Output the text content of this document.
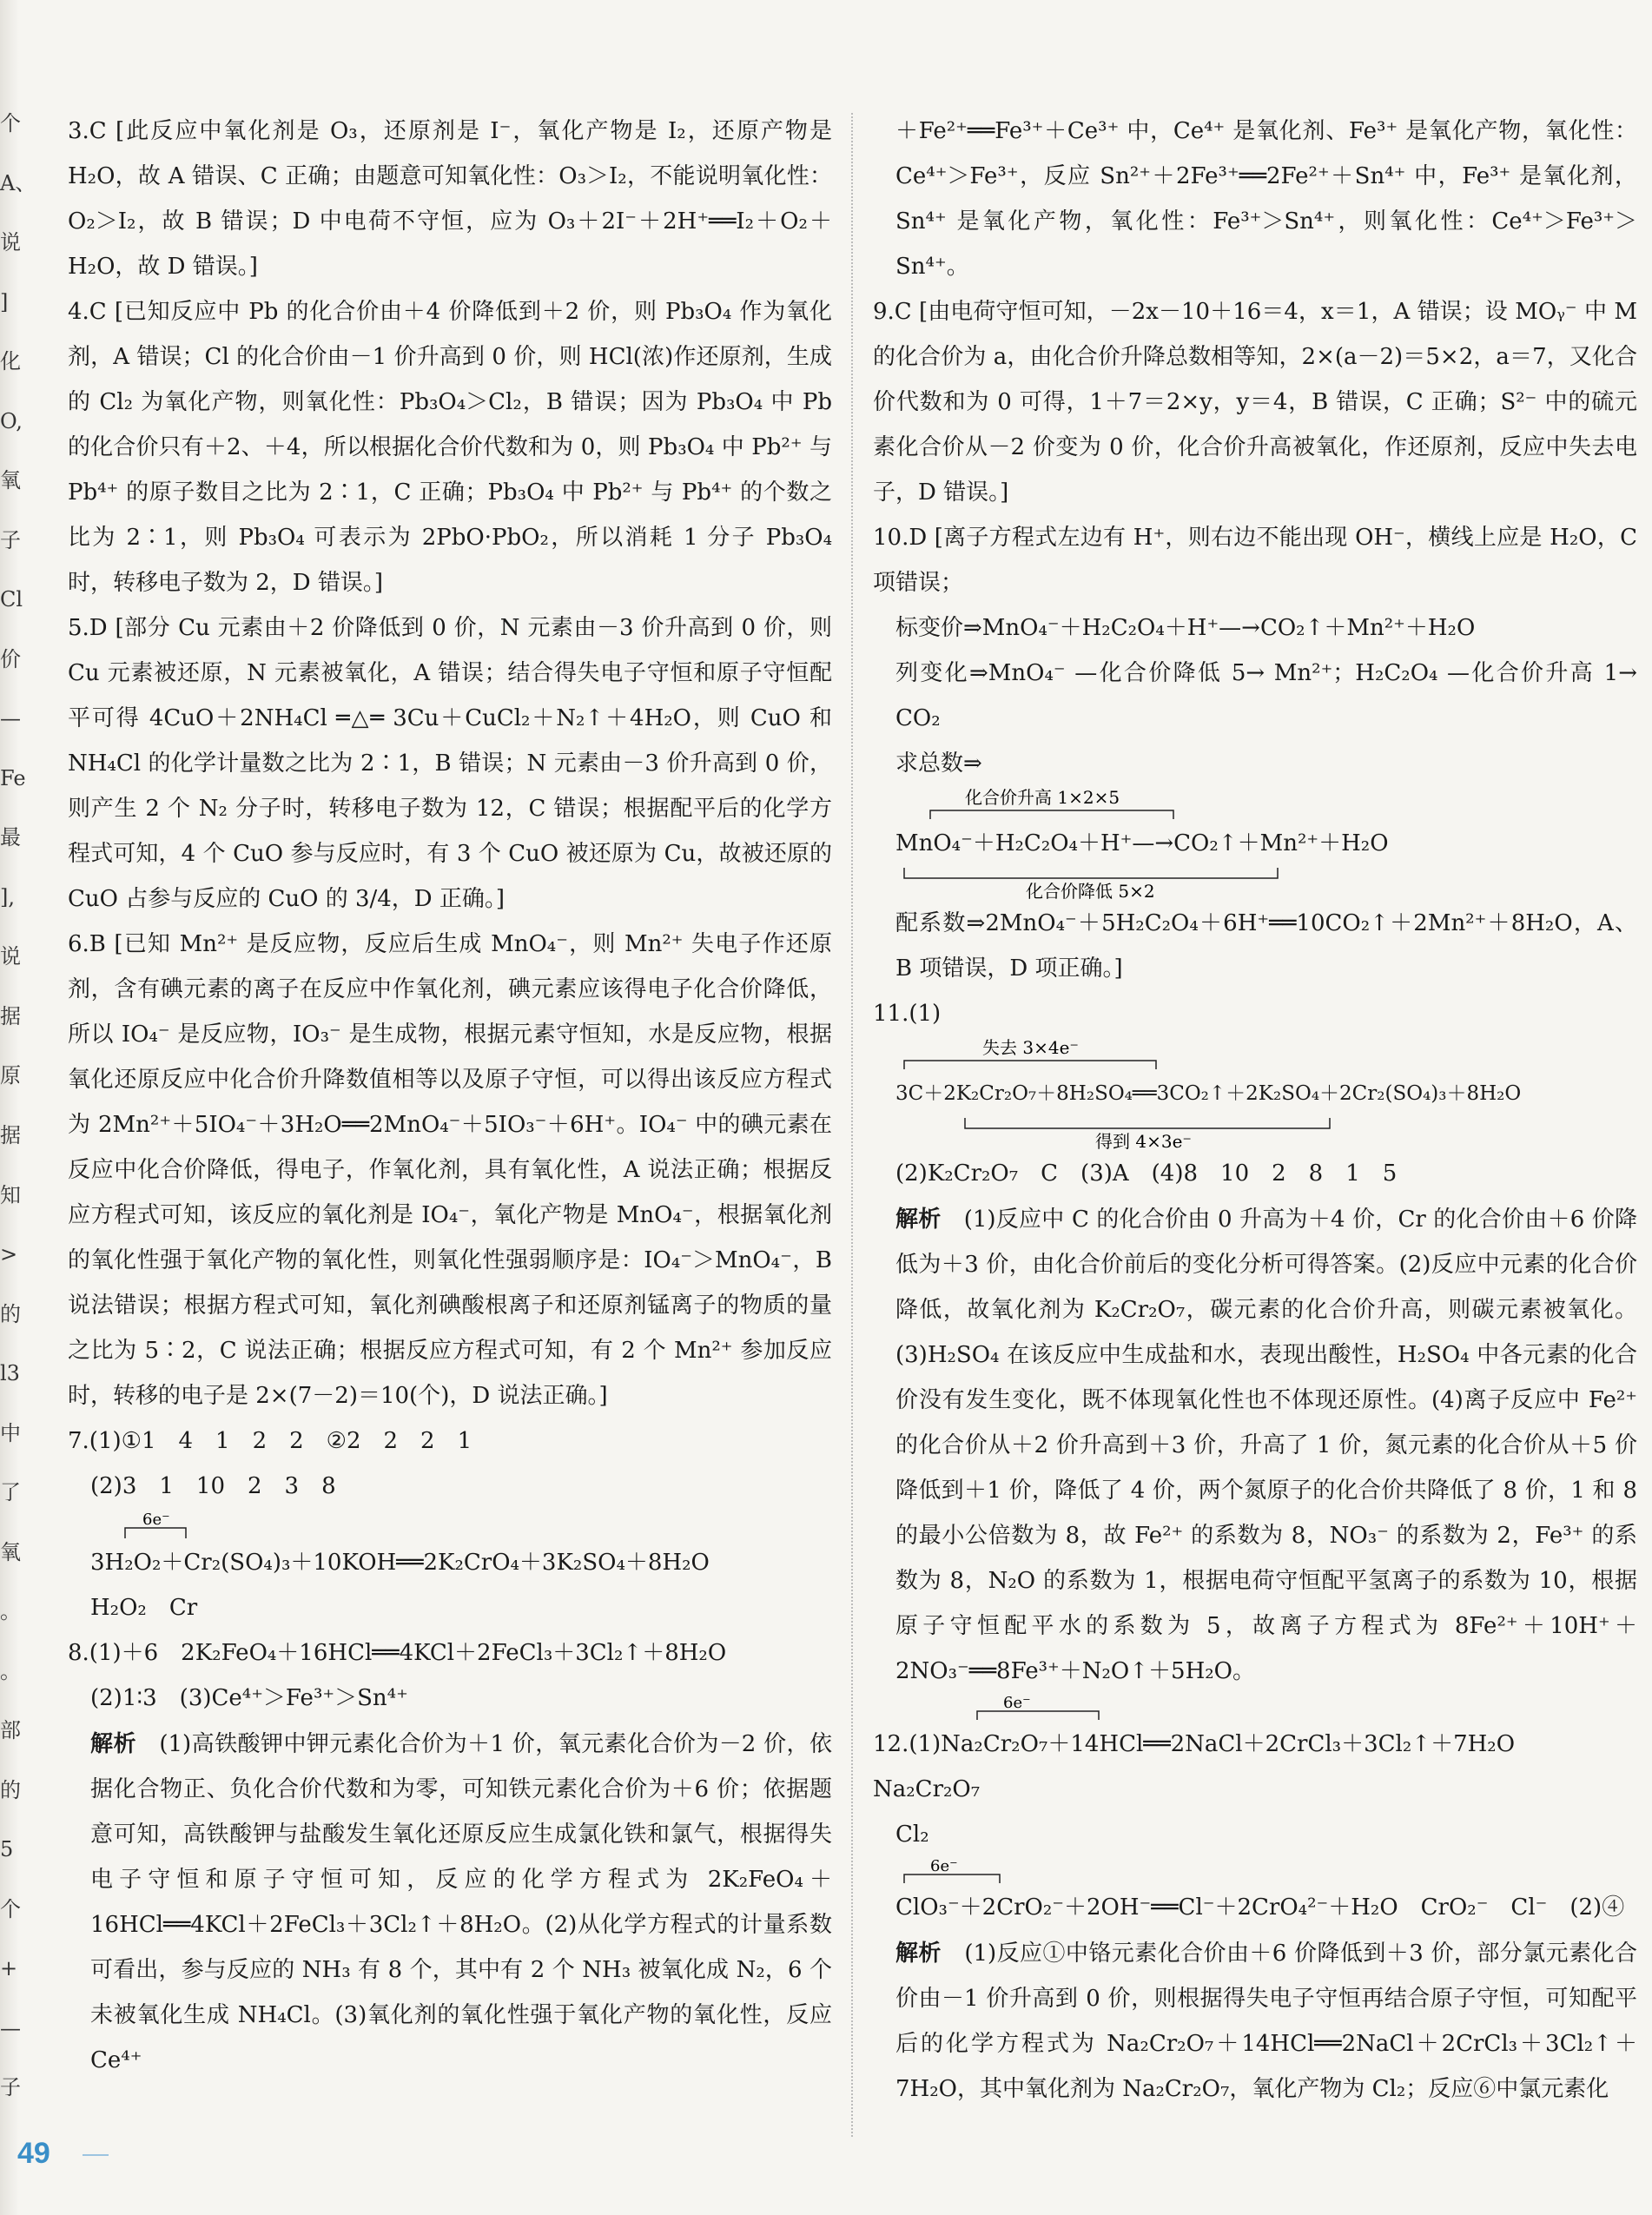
个
A、
说
]
化
O,
氧
子
Cl
价
—
Fe
最
],
说
据
原
据
知
>
的
l3
中
了
氧
。
。
部
的
5
个
+
—
子

3.C [此反应中氧化剂是 O₃，还原剂是 I⁻，氧化产物是 I₂，还原产物是 H₂O，故 A 错误、C 正确；由题意可知氧化性：O₃＞I₂，不能说明氧化性：O₂＞I₂，故 B 错误；D 中电荷不守恒，应为 O₃＋2I⁻＋2H⁺══I₂＋O₂＋H₂O，故 D 错误。]

4.C [已知反应中 Pb 的化合价由＋4 价降低到＋2 价，则 Pb₃O₄ 作为氧化剂，A 错误；Cl 的化合价由－1 价升高到 0 价，则 HCl(浓)作还原剂，生成的 Cl₂ 为氧化产物，则氧化性：Pb₃O₄＞Cl₂，B 错误；因为 Pb₃O₄ 中 Pb 的化合价只有＋2、＋4，所以根据化合价代数和为 0，则 Pb₃O₄ 中 Pb²⁺ 与 Pb⁴⁺ 的原子数目之比为 2∶1，C 正确；Pb₃O₄ 中 Pb²⁺ 与 Pb⁴⁺ 的个数之比为 2∶1，则 Pb₃O₄ 可表示为 2PbO·PbO₂，所以消耗 1 分子 Pb₃O₄ 时，转移电子数为 2，D 错误。]

5.D [部分 Cu 元素由＋2 价降低到 0 价，N 元素由－3 价升高到 0 价，则 Cu 元素被还原，N 元素被氧化，A 错误；结合得失电子守恒和原子守恒配平可得 4CuO＋2NH₄Cl ═△═ 3Cu＋CuCl₂＋N₂↑＋4H₂O，则 CuO 和 NH₄Cl 的化学计量数之比为 2∶1，B 错误；N 元素由－3 价升高到 0 价，则产生 2 个 N₂ 分子时，转移电子数为 12，C 错误；根据配平后的化学方程式可知，4 个 CuO 参与反应时，有 3 个 CuO 被还原为 Cu，故被还原的 CuO 占参与反应的 CuO 的 3/4，D 正确。]

6.B [已知 Mn²⁺ 是反应物，反应后生成 MnO₄⁻，则 Mn²⁺ 失电子作还原剂，含有碘元素的离子在反应中作氧化剂，碘元素应该得电子化合价降低，所以 IO₄⁻ 是反应物，IO₃⁻ 是生成物，根据元素守恒知，水是反应物，根据氧化还原反应中化合价升降数值相等以及原子守恒，可以得出该反应方程式为 2Mn²⁺＋5IO₄⁻＋3H₂O══2MnO₄⁻＋5IO₃⁻＋6H⁺。IO₄⁻ 中的碘元素在反应中化合价降低，得电子，作氧化剂，具有氧化性，A 说法正确；根据反应方程式可知，该反应的氧化剂是 IO₄⁻，氧化产物是 MnO₄⁻，根据氧化剂的氧化性强于氧化产物的氧化性，则氧化性强弱顺序是：IO₄⁻＞MnO₄⁻，B 说法错误；根据方程式可知，氧化剂碘酸根离子和还原剂锰离子的物质的量之比为 5∶2，C 说法正确；根据反应方程式可知，有 2 个 Mn²⁺ 参加反应时，转移的电子是 2×(7－2)＝10(个)，D 说法正确。]

7.(1)①1　4　1　2　2　②2　2　2　1

(2)3　1　10　2　3　8

6e⁻
3H₂O₂＋Cr₂(SO₄)₃＋10KOH══2K₂CrO₄＋3K₂SO₄＋8H₂O

H₂O₂　Cr

8.(1)＋6　2K₂FeO₄＋16HCl══4KCl＋2FeCl₃＋3Cl₂↑＋8H₂O

(2)1∶3　(3)Ce⁴⁺＞Fe³⁺＞Sn⁴⁺

解析　 (1)高铁酸钾中钾元素化合价为＋1 价，氧元素化合价为－2 价，依据化合物正、负化合价代数和为零，可知铁元素化合价为＋6 价；依据题意可知，高铁酸钾与盐酸发生氧化还原反应生成氯化铁和氯气，根据得失电子守恒和原子守恒可知，反应的化学方程式为 2K₂FeO₄＋16HCl══4KCl＋2FeCl₃＋3Cl₂↑＋8H₂O。(2)从化学方程式的计量系数可看出，参与反应的 NH₃ 有 8 个，其中有 2 个 NH₃ 被氧化成 N₂，6 个未被氧化生成 NH₄Cl。(3)氧化剂的氧化性强于氧化产物的氧化性，反应 Ce⁴⁺

＋Fe²⁺══Fe³⁺＋Ce³⁺ 中，Ce⁴⁺ 是氧化剂、Fe³⁺ 是氧化产物，氧化性：Ce⁴⁺＞Fe³⁺，反应 Sn²⁺＋2Fe³⁺══2Fe²⁺＋Sn⁴⁺ 中，Fe³⁺ 是氧化剂，Sn⁴⁺ 是氧化产物，氧化性：Fe³⁺＞Sn⁴⁺，则氧化性：Ce⁴⁺＞Fe³⁺＞Sn⁴⁺。

9.C [由电荷守恒可知，－2x－10＋16＝4，x＝1，A 错误；设 MOᵧ⁻ 中 M 的化合价为 a，由化合价升降总数相等知，2×(a－2)＝5×2，a＝7，又化合价代数和为 0 可得，1＋7＝2×y，y＝4，B 错误，C 正确；S²⁻ 中的硫元素化合价从－2 价变为 0 价，化合价升高被氧化，作还原剂，反应中失去电子，D 错误。]

10.D [离子方程式左边有 H⁺，则右边不能出现 OH⁻，横线上应是 H₂O，C 项错误；

标变价⇒MnO₄⁻＋H₂C₂O₄＋H⁺—→CO₂↑＋Mn²⁺＋H₂O

列变化⇒MnO₄⁻ —化合价降低 5→ Mn²⁺；H₂C₂O₄ —化合价升高 1→ CO₂

求总数⇒

化合价升高 1×2×5
MnO₄⁻＋H₂C₂O₄＋H⁺—→CO₂↑＋Mn²⁺＋H₂O
化合价降低 5×2

配系数⇒2MnO₄⁻＋5H₂C₂O₄＋6H⁺══10CO₂↑＋2Mn²⁺＋8H₂O，A、B 项错误，D 项正确。]

11.(1)

失去 3×4e⁻
3C＋2K₂Cr₂O₇＋8H₂SO₄══3CO₂↑＋2K₂SO₄＋2Cr₂(SO₄)₃＋8H₂O
得到 4×3e⁻

(2)K₂Cr₂O₇　C　(3)A　(4)8　10　2　8　1　5

解析　 (1)反应中 C 的化合价由 0 升高为＋4 价，Cr 的化合价由＋6 价降低为＋3 价，由化合价前后的变化分析可得答案。(2)反应中元素的化合价降低，故氧化剂为 K₂Cr₂O₇，碳元素的化合价升高，则碳元素被氧化。(3)H₂SO₄ 在该反应中生成盐和水，表现出酸性，H₂SO₄ 中各元素的化合价没有发生变化，既不体现氧化性也不体现还原性。(4)离子反应中 Fe²⁺ 的化合价从＋2 价升高到＋3 价，升高了 1 价，氮元素的化合价从＋5 价降低到＋1 价，降低了 4 价，两个氮原子的化合价共降低了 8 价，1 和 8 的最小公倍数为 8，故 Fe²⁺ 的系数为 8，NO₃⁻ 的系数为 2，Fe³⁺ 的系数为 8，N₂O 的系数为 1，根据电荷守恒配平氢离子的系数为 10，根据原子守恒配平水的系数为 5，故离子方程式为 8Fe²⁺＋10H⁺＋2NO₃⁻══8Fe³⁺＋N₂O↑＋5H₂O。

6e⁻
12.(1)Na₂Cr₂O₇＋14HCl══2NaCl＋2CrCl₃＋3Cl₂↑＋7H₂O　Na₂Cr₂O₇

Cl₂

6e⁻
ClO₃⁻＋2CrO₂⁻＋2OH⁻══Cl⁻＋2CrO₄²⁻＋H₂O　CrO₂⁻　Cl⁻　(2)④

解析　 (1)反应①中铬元素化合价由＋6 价降低到＋3 价，部分氯元素化合价由－1 价升高到 0 价，则根据得失电子守恒再结合原子守恒，可知配平后的化学方程式为 Na₂Cr₂O₇＋14HCl══2NaCl＋2CrCl₃＋3Cl₂↑＋7H₂O，其中氧化剂为 Na₂Cr₂O₇，氧化产物为 Cl₂；反应⑥中氯元素化

49
